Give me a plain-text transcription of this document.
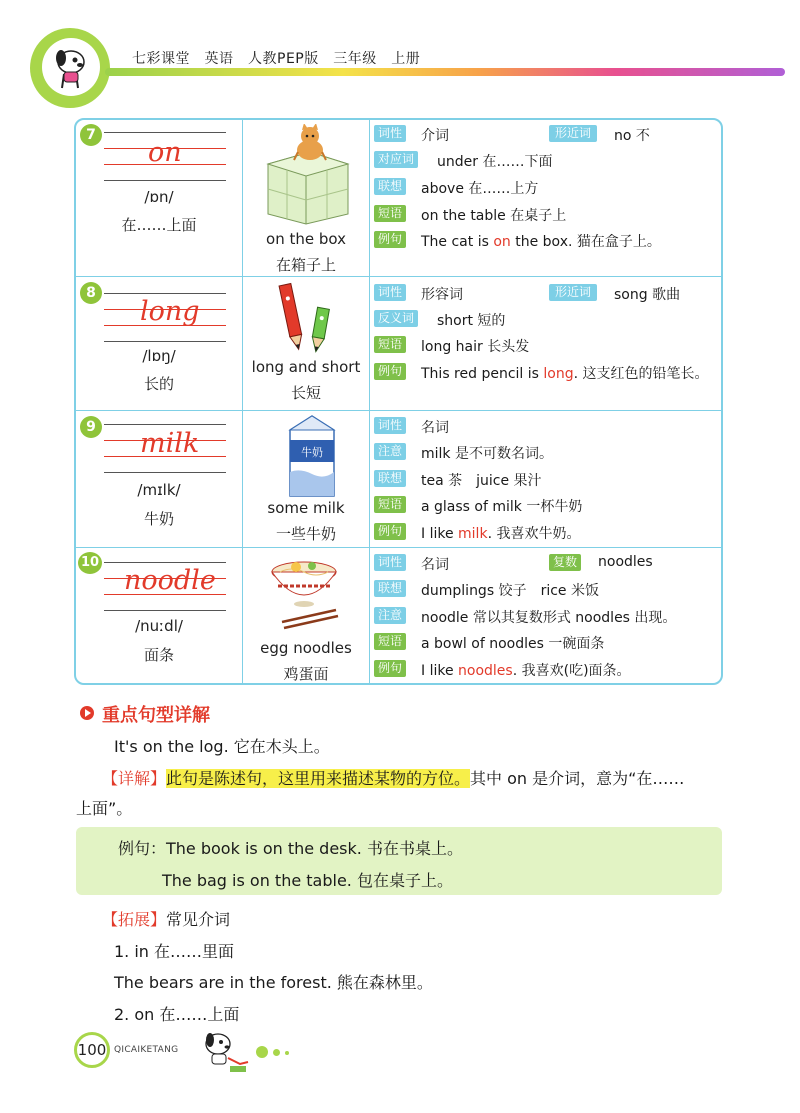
七彩课堂　英语　人教PEP版　三年级　上册
7
on
/ɒn/
在……上面
on the box
在箱子上
词性 介词	形近词	no 不
对应词 under 在……下面
联想 above 在……上方
短语 on the table 在桌子上
例句 The cat is on the box. 猫在盒子上。
8
long
/lɒŋ/
长的
long and short
长短
词性 形容词	形近词	song 歌曲
反义词 short 短的
短语 long hair 长头发
例句 This red pencil is long. 这支红色的铅笔长。
9
milk
/mɪlk/
牛奶
牛奶
some milk
一些牛奶
词性 名词
注意 milk 是不可数名词。
联想 tea 茶　juice 果汁
短语 a glass of milk 一杯牛奶
例句 I like milk. 我喜欢牛奶。
10
noodle
/nuːdl/
面条	egg noodles
鸡蛋面
词性 名词	复数 noodles
联想 dumplings 饺子　rice 米饭
注意 noodle 常以其复数形式 noodles 出现。
短语 a bowl of noodles 一碗面条
例句 I like noodles. 我喜欢(吃)面条。
重点句型详解
It's on the log. 它在木头上。
【详解】此句是陈述句，这里用来描述某物的方位。其中 on 是介词，意为“在……
上面”。
例句：The book is on the desk. 书在书桌上。
The bag is on the table. 包在桌子上。
【拓展】常见介词
1. in 在……里面
The bears are in the forest. 熊在森林里。
2. on 在……上面
100 QICAIKETANG
